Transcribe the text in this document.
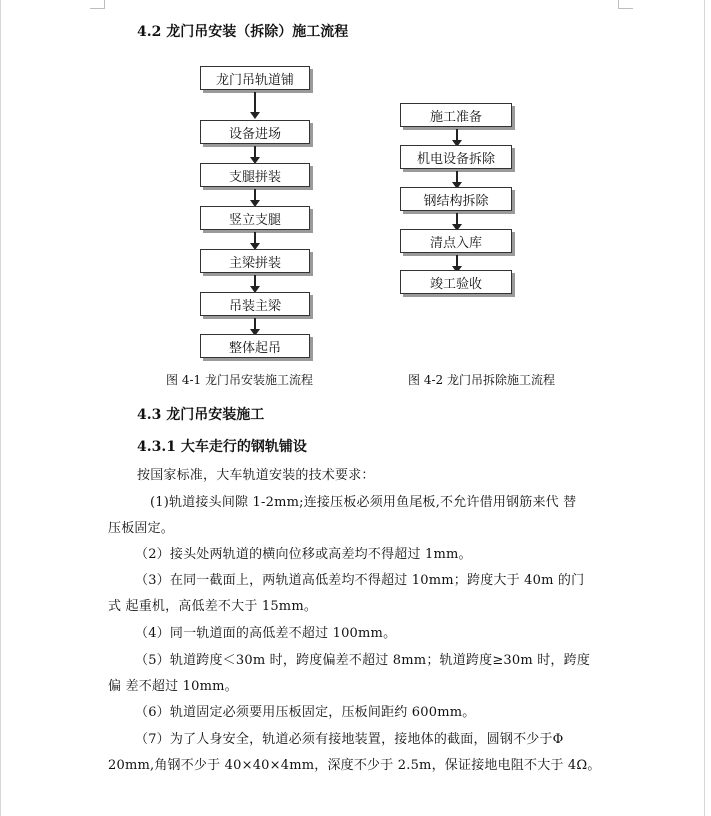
4.2 龙门吊安装（拆除）施工流程
龙门吊轨道铺
设备进场
支腿拼装
竖立支腿
主梁拼装
吊装主梁
整体起吊
施工准备
机电设备拆除
钢结构拆除
清点入库
竣工验收
图 4-1 龙门吊安装施工流程	图 4-2 龙门吊拆除施工流程
4.3 龙门吊安装施工
4.3.1 大车走行的钢轨铺设
按国家标准，大车轨道安装的技术要求：
(1)轨道接头间隙 1-2mm;连接压板必须用鱼尾板,不允许借用钢筋来代 替
压板固定。
（2）接头处两轨道的横向位移或高差均不得超过 1mm。
（3）在同一截面上，两轨道高低差均不得超过 10mm；跨度大于 40m 的门
式 起重机，高低差不大于 15mm。
（4）同一轨道面的高低差不超过 100mm。
（5）轨道跨度＜30m 时，跨度偏差不超过 8mm；轨道跨度≥30m 时，跨度
偏 差不超过 10mm。
（6）轨道固定必须要用压板固定，压板间距约 600mm。
（7）为了人身安全，轨道必须有接地装置，接地体的截面，圆钢不少于Φ
20mm,角钢不少于 40×40×4mm，深度不少于 2.5m，保证接地电阻不大于 4Ω。
